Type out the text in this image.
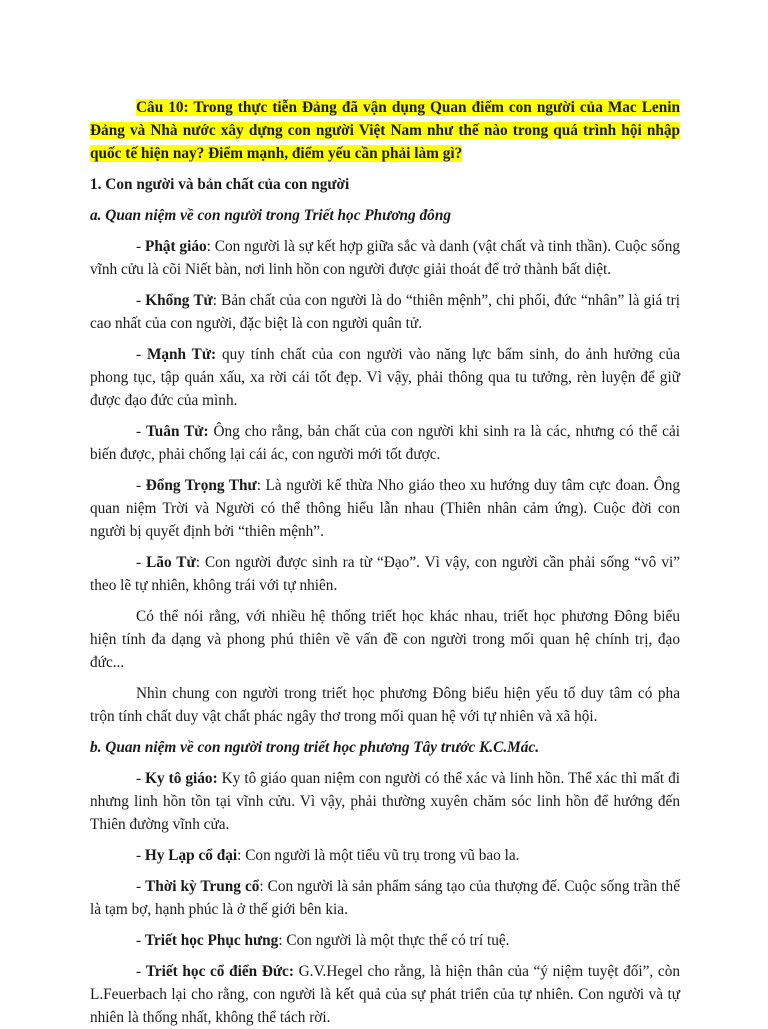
Câu 10: Trong thực tiễn Đảng đã vận dụng Quan điểm con người của Mac Lenin Đảng và Nhà nước xây dựng con người Việt Nam như thế nào trong quá trình hội nhập quốc tế hiện nay? Điểm mạnh, điểm yếu cần phải làm gì?

1. Con người và bản chất của con người

a. Quan niệm về con người trong Triết học Phương đông

- Phật giáo: Con người là sự kết hợp giữa sắc và danh (vật chất và tinh thần). Cuộc sống vĩnh cửu là cõi Niết bàn, nơi linh hồn con người được giải thoát để trở thành bất diệt.

- Khổng Tử: Bản chất của con người là do “thiên mệnh”, chi phối, đức “nhân” là giá trị cao nhất của con người, đặc biệt là con người quân tử.

- Mạnh Tử: quy tính chất của con người vào năng lực bẩm sinh, do ảnh hưởng của phong tục, tập quán xấu, xa rời cái tốt đẹp. Vì vậy, phải thông qua tu tưởng, rèn luyện để giữ được đạo đức của mình.

- Tuân Tử: Ông cho rằng, bản chất của con người khi sinh ra là các, nhưng có thể cải biến được, phải chống lại cái ác, con người mới tốt được.

- Đổng Trọng Thư: Là người kế thừa Nho giáo theo xu hướng duy tâm cực đoan. Ông quan niệm Trời và Người có thể thông hiểu lẫn nhau (Thiên nhân cảm ứng). Cuộc đời con người bị quyết định bởi “thiên mệnh”.

- Lão Tử: Con người được sinh ra từ “Đạo”. Vì vậy, con người cần phải sống “vô vi” theo lẽ tự nhiên, không trái với tự nhiên.

Có thể nói rằng, với nhiều hệ thống triết học khác nhau, triết học phương Đông biểu hiện tính đa dạng và phong phú thiên về vấn đề con người trong mối quan hệ chính trị, đạo đức...

Nhìn chung con người trong triết học phương Đông biểu hiện yếu tố duy tâm có pha trộn tính chất duy vật chất phác ngây thơ trong mối quan hệ với tự nhiên và xã hội.

b. Quan niệm về con người trong triết học phương Tây trước K.C.Mác.

- Ky tô giáo: Ky tô giáo quan niệm con người có thể xác và linh hồn. Thể xác thì mất đi nhưng linh hồn tồn tại vĩnh cửu. Vì vậy, phải thường xuyên chăm sóc linh hồn để hướng đến Thiên đường vĩnh cửa.

- Hy Lạp cổ đại: Con người là một tiểu vũ trụ trong vũ bao la.

- Thời kỳ Trung cổ: Con người là sản phẩm sáng tạo của thượng đế. Cuộc sống trần thế là tạm bợ, hạnh phúc là ở thế giới bên kia.

- Triết học Phục hưng: Con người là một thực thể có trí tuệ.

- Triết học cổ điển Đức: G.V.Hegel cho rằng, là hiện thân của “ý niệm tuyệt đối”, còn L.Feuerbach lại cho rằng, con người là kết quả của sự phát triển của tự nhiên. Con người và tự nhiên là thống nhất, không thể tách rời.
